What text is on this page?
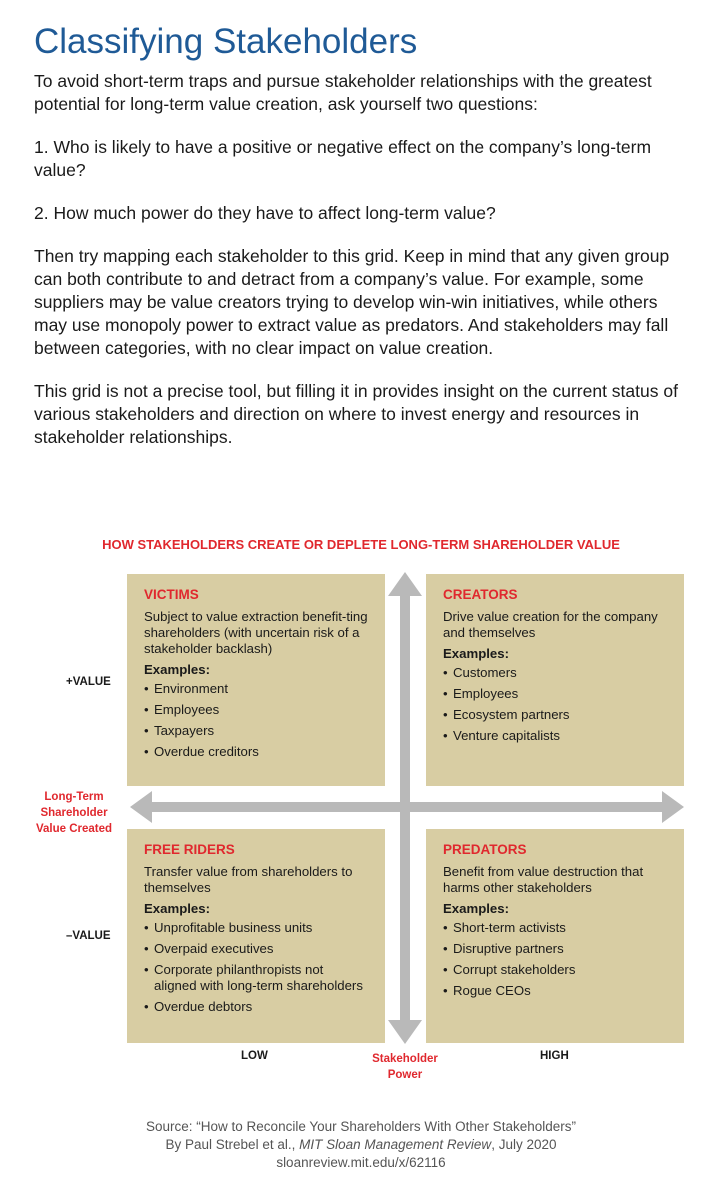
Classifying Stakeholders

To avoid short-term traps and pursue stakeholder relationships with the greatest potential for long-term value creation, ask yourself two questions:

1. Who is likely to have a positive or negative effect on the company’s long-term value?

2. How much power do they have to affect long-term value?

Then try mapping each stakeholder to this grid. Keep in mind that any given group can both contribute to and detract from a company’s value. For example, some suppliers may be value creators trying to develop win-win initiatives, while others may use monopoly power to extract value as predators. And stakeholders may fall between categories, with no clear impact on value creation.

This grid is not a precise tool, but filling it in provides insight on the current status of various stakeholders and direction on where to invest energy and resources in stakeholder relationships.

HOW STAKEHOLDERS CREATE OR DEPLETE LONG-TERM SHAREHOLDER VALUE
VICTIMS
Subject to value extraction benefit-ting shareholders (with uncertain risk of a stakeholder backlash)
Examples:
• Environment
• Employees
• Taxpayers
• Overdue creditors
CREATORS
Drive value creation for the company and themselves
Examples:
• Customers
• Employees
• Ecosystem partners
• Venture capitalists
FREE RIDERS
Transfer value from shareholders to themselves
Examples:
• Unprofitable business units
• Overpaid executives
• Corporate philanthropists not aligned with long-term shareholders
• Overdue debtors
PREDATORS
Benefit from value destruction that harms other stakeholders
Examples:
• Short-term activists
• Disruptive partners
• Corrupt stakeholders
• Rogue CEOs
+VALUE
–VALUE
Long-Term Shareholder Value Created
LOW	HIGH
Stakeholder Power

Source: “How to Reconcile Your Shareholders With Other Stakeholders”

By Paul Strebel et al., MIT Sloan Management Review, July 2020

sloanreview.mit.edu/x/62116
